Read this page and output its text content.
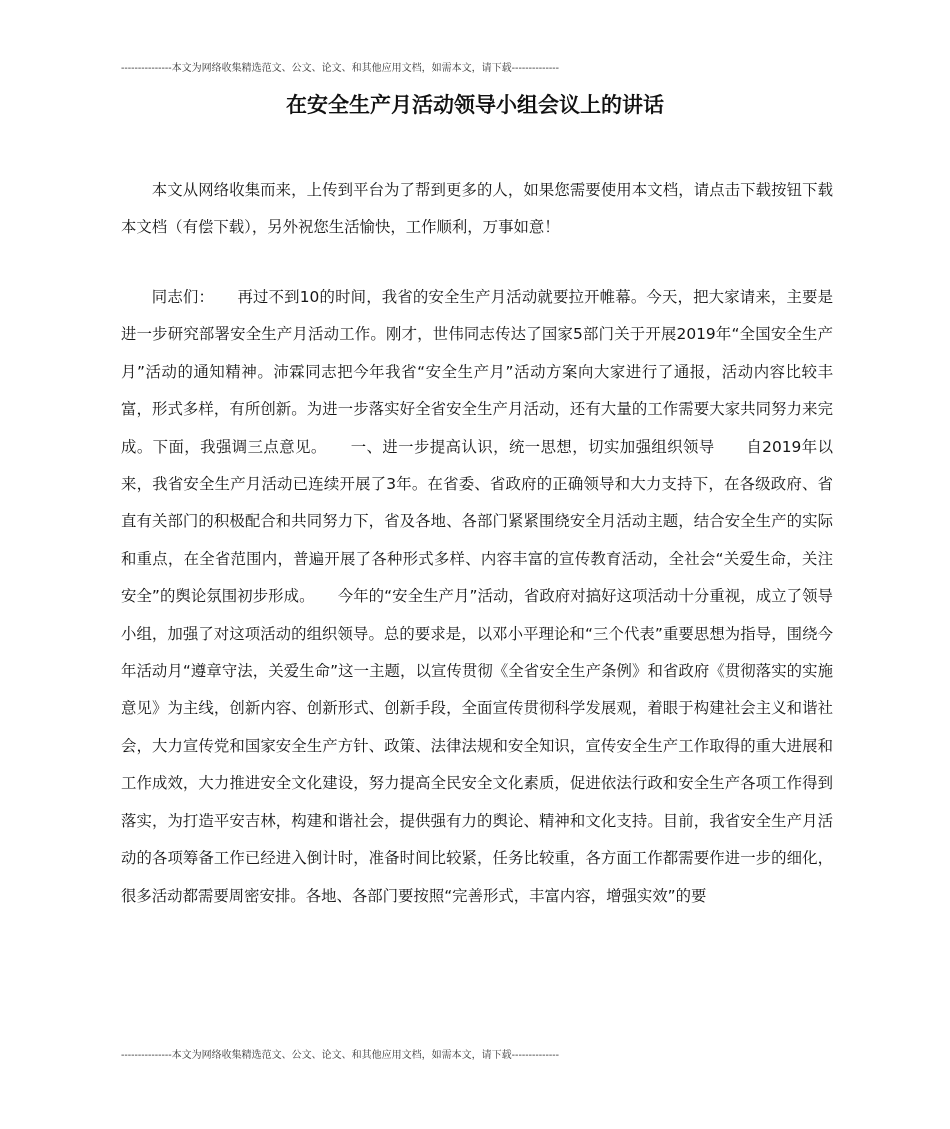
---------------本文为网络收集精选范文、公文、论文、和其他应用文档，如需本文，请下载--------------
在安全生产月活动领导小组会议上的讲话

本文从网络收集而来，上传到平台为了帮到更多的人，如果您需要使用本文档，请点击下载按钮下载本文档（有偿下载），另外祝您生活愉快，工作顺利，万事如意！

同志们：　　再过不到10的时间，我省的安全生产月活动就要拉开帷幕。今天，把大家请来，主要是进一步研究部署安全生产月活动工作。刚才，世伟同志传达了国家5部门关于开展2019年“全国安全生产月”活动的通知精神。沛霖同志把今年我省“安全生产月”活动方案向大家进行了通报，活动内容比较丰富，形式多样，有所创新。为进一步落实好全省安全生产月活动，还有大量的工作需要大家共同努力来完成。下面，我强调三点意见。　　一、进一步提高认识，统一思想，切实加强组织领导　　自2019年以来，我省安全生产月活动已连续开展了3年。在省委、省政府的正确领导和大力支持下，在各级政府、省直有关部门的积极配合和共同努力下，省及各地、各部门紧紧围绕安全月活动主题，结合安全生产的实际和重点，在全省范围内，普遍开展了各种形式多样、内容丰富的宣传教育活动，全社会“关爱生命，关注安全”的舆论氛围初步形成。　　今年的“安全生产月”活动，省政府对搞好这项活动十分重视，成立了领导小组，加强了对这项活动的组织领导。总的要求是，以邓小平理论和“三个代表”重要思想为指导，围绕今年活动月“遵章守法，关爱生命”这一主题，以宣传贯彻《全省安全生产条例》和省政府《贯彻落实的实施意见》为主线，创新内容、创新形式、创新手段，全面宣传贯彻科学发展观，着眼于构建社会主义和谐社会，大力宣传党和国家安全生产方针、政策、法律法规和安全知识，宣传安全生产工作取得的重大进展和工作成效，大力推进安全文化建设，努力提高全民安全文化素质，促进依法行政和安全生产各项工作得到落实，为打造平安吉林，构建和谐社会，提供强有力的舆论、精神和文化支持。目前，我省安全生产月活动的各项筹备工作已经进入倒计时，准备时间比较紧，任务比较重，各方面工作都需要作进一步的细化，很多活动都需要周密安排。各地、各部门要按照“完善形式，丰富内容，增强实效”的要

---------------本文为网络收集精选范文、公文、论文、和其他应用文档，如需本文，请下载--------------
